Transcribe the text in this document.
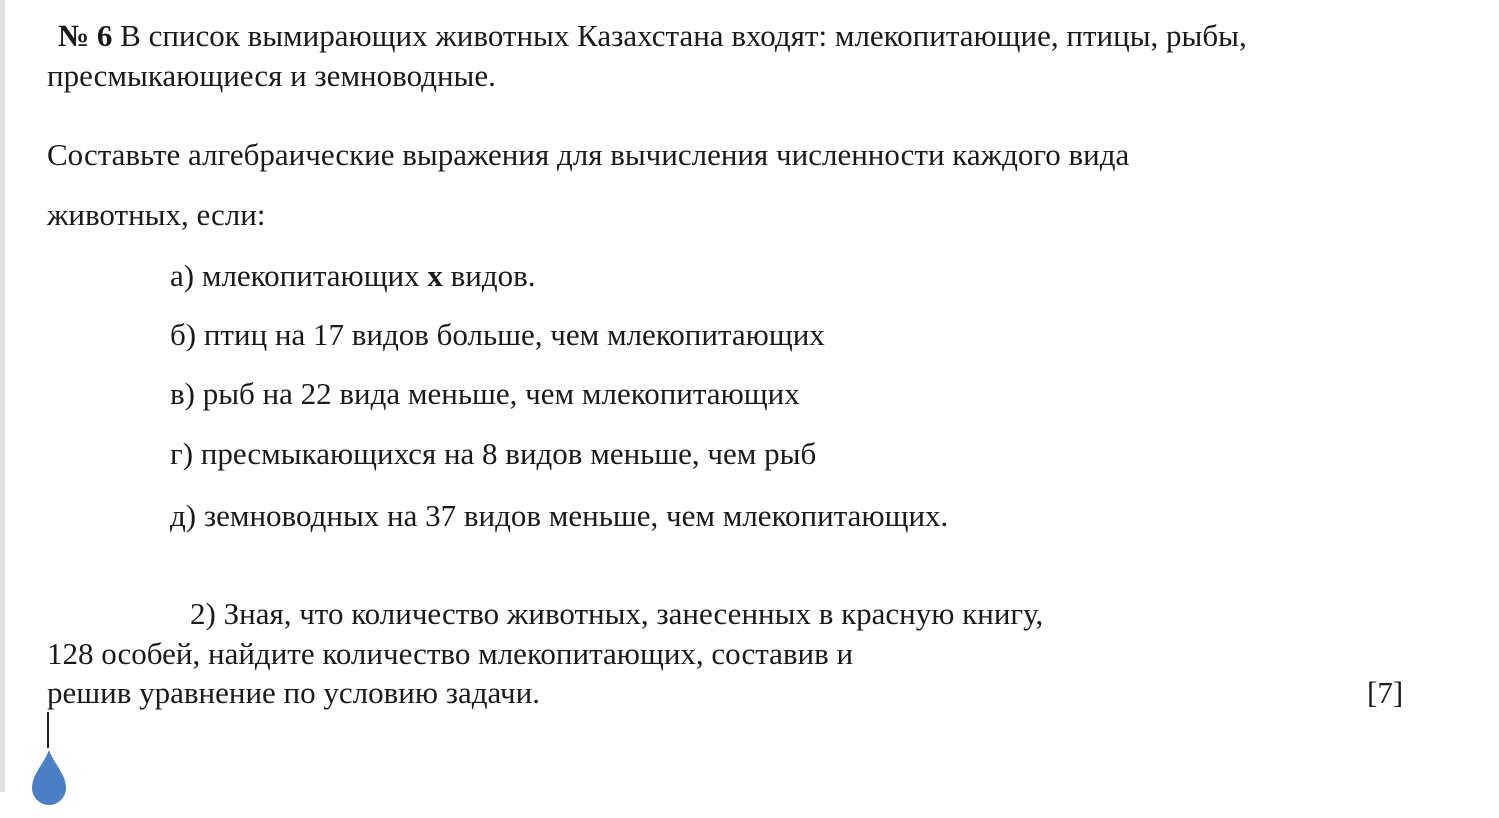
№ 6 В список вымирающих животных Казахстана входят: млекопитающие, птицы, рыбы,
пресмыкающиеся и земноводные.
Составьте алгебраические выражения для вычисления численности каждого вида
животных, если:
а) млекопитающих х видов.
б) птиц на 17 видов больше, чем млекопитающих
в) рыб на 22 вида меньше, чем млекопитающих
г) пресмыкающихся на 8 видов меньше, чем рыб
д) земноводных на 37 видов меньше, чем млекопитающих.
2) Зная, что количество животных, занесенных в красную книгу,
128 особей, найдите количество млекопитающих, составив и
решив уравнение по условию задачи.	[7]
